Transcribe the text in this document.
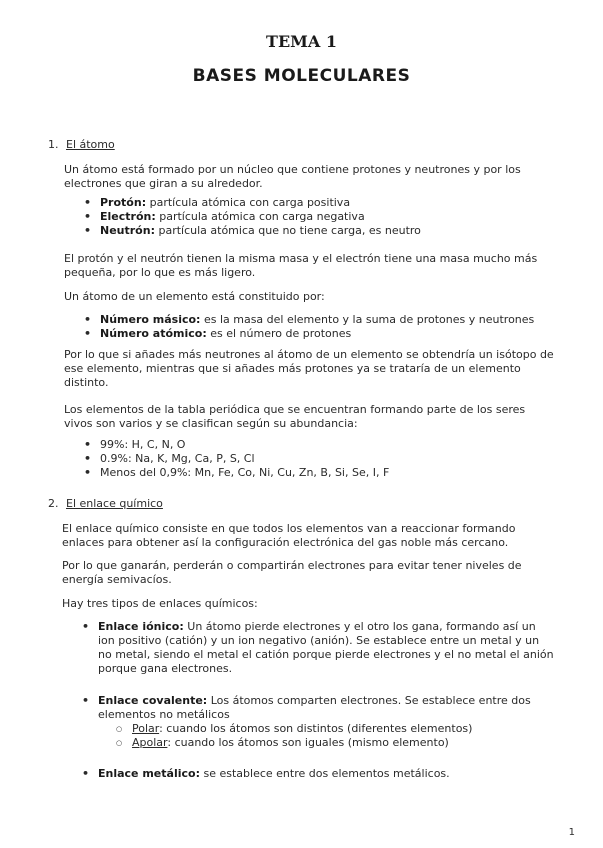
TEMA 1
BASES MOLECULARES
1. El átomo

Un átomo está formado por un núcleo que contiene protones y neutrones y por los electrones que giran a su alrededor.

• Protón: partícula atómica con carga positiva
• Electrón: partícula atómica con carga negativa
• Neutrón: partícula atómica que no tiene carga, es neutro

El protón y el neutrón tienen la misma masa y el electrón tiene una masa mucho más pequeña, por lo que es más ligero.

Un átomo de un elemento está constituido por:

• Número másico: es la masa del elemento y la suma de protones y neutrones
• Número atómico: es el número de protones

Por lo que si añades más neutrones al átomo de un elemento se obtendría un isótopo de ese elemento, mientras que si añades más protones ya se trataría de un elemento distinto.

Los elementos de la tabla periódica que se encuentran formando parte de los seres vivos son varios y se clasifican según su abundancia:

• 99%: H, C, N, O
• 0.9%: Na, K, Mg, Ca, P, S, Cl
• Menos del 0,9%: Mn, Fe, Co, Ni, Cu, Zn, B, Si, Se, I, F
2. El enlace químico

El enlace químico consiste en que todos los elementos van a reaccionar formando enlaces para obtener así la configuración electrónica del gas noble más cercano.

Por lo que ganarán, perderán o compartirán electrones para evitar tener niveles de energía semivacíos.

Hay tres tipos de enlaces químicos:

• Enlace iónico: Un átomo pierde electrones y el otro los gana, formando así un ion positivo (catión) y un ion negativo (anión). Se establece entre un metal y un no metal, siendo el metal el catión porque pierde electrones y el no metal el anión porque gana electrones.
• Enlace covalente: Los átomos comparten electrones. Se establece entre dos elementos no metálicos
○ Polar: cuando los átomos son distintos (diferentes elementos)
○ Apolar: cuando los átomos son iguales (mismo elemento)
• Enlace metálico: se establece entre dos elementos metálicos.
1
